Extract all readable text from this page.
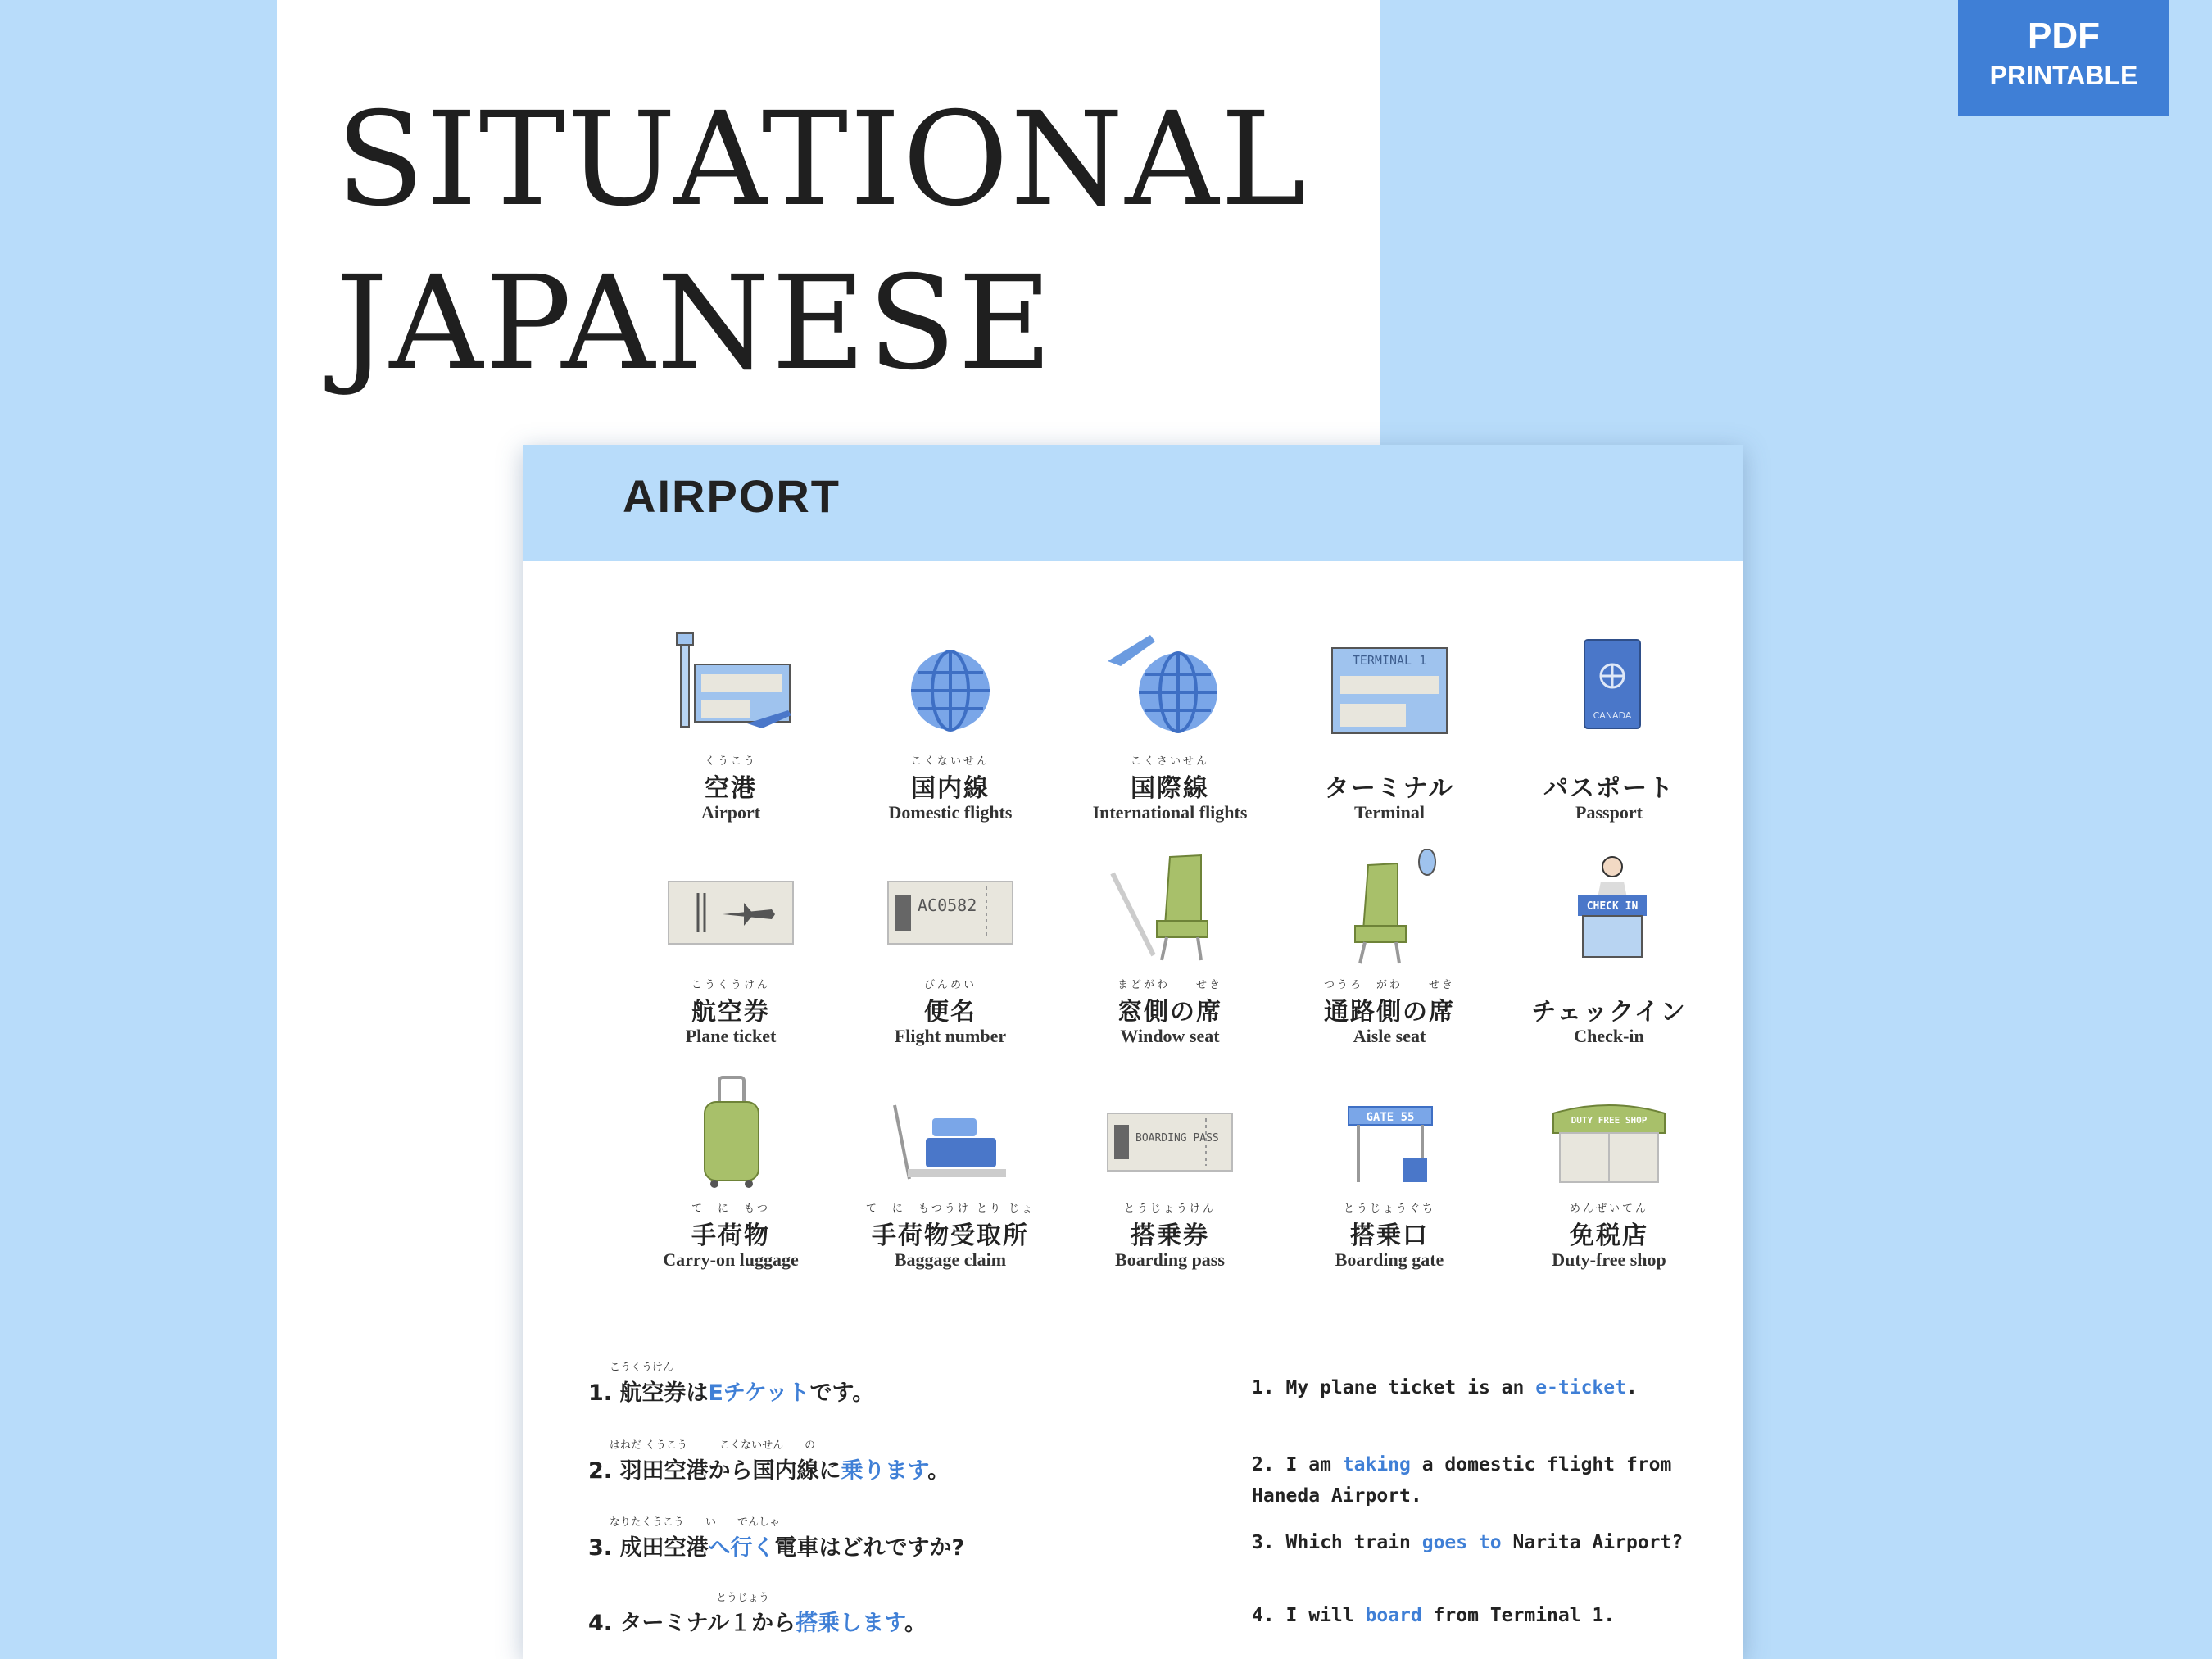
SITUATIONAL
JAPANESE
PDF
PRINTABLE
AIRPORT
くうこう
空港
Airport
こくないせん
国内線
Domestic flights
こくさいせん
国際線
International flights
TERMINAL 1
ターミナル
Terminal
CANADA
パスポート
Passport
こうくうけん
航空券
Plane ticket
AC0582
びんめい
便名
Flight number
まどがわ　　せき
窓側の席
Window seat
つうろ　がわ　　せき
通路側の席
Aisle seat
CHECK IN
チェックイン
Check-in
て　に　もつ
手荷物
Carry-on luggage
て　に　もつうけ とり じょ
手荷物受取所
Baggage claim
BOARDING PASS
とうじょうけん
搭乗券
Boarding pass
GATE 55
とうじょうぐち
搭乗口
Boarding gate
DUTY FREE SHOP
めんぜいてん
免税店
Duty-free shop
　　こうくうけん
1. 航空券はEチケットです。
　　はねだ くうこう　　　こくないせん　　の
2. 羽田空港から国内線に乗ります。
　　なりたくうこう　　い　　でんしゃ
3. 成田空港へ行く電車はどれですか?
　　　　　　　　　　　　とうじょう
4. ターミナル１から搭乗します。
1. My plane ticket is an e-ticket.
2. I am taking a domestic flight from Haneda Airport.
3. Which train goes to Narita Airport?
4. I will board from Terminal 1.
